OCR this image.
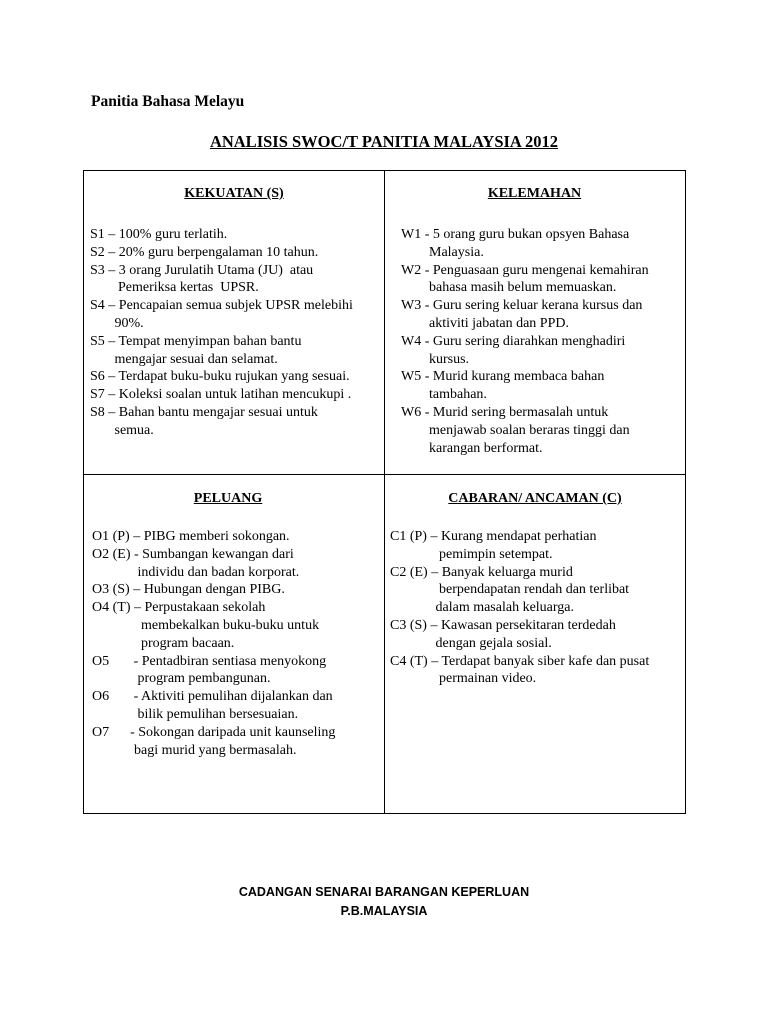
Panitia Bahasa Melayu
ANALISIS SWOC/T PANITIA MALAYSIA 2012
KEKUATAN (S)
S1 – 100% guru terlatih.
S2 – 20% guru berpengalaman 10 tahun.
S3 – 3 orang Jurulatih Utama (JU)  atau
Pemeriksa kertas  UPSR.
S4 – Pencapaian semua subjek UPSR melebihi
90%.
S5 – Tempat menyimpan bahan bantu
mengajar sesuai dan selamat.
S6 – Terdapat buku-buku rujukan yang sesuai.
S7 – Koleksi soalan untuk latihan mencukupi .
S8 – Bahan bantu mengajar sesuai untuk
semua.
KELEMAHAN
W1 - 5 orang guru bukan opsyen Bahasa
Malaysia.
W2 - Penguasaan guru mengenai kemahiran
bahasa masih belum memuaskan.
W3 - Guru sering keluar kerana kursus dan
aktiviti jabatan dan PPD.
W4 - Guru sering diarahkan menghadiri
kursus.
W5 - Murid kurang membaca bahan
tambahan.
W6 - Murid sering bermasalah untuk
menjawab soalan beraras tinggi dan
karangan berformat.
PELUANG
O1 (P) – PIBG memberi sokongan.
O2 (E) - Sumbangan kewangan dari
individu dan badan korporat.
O3 (S) – Hubungan dengan PIBG.
O4 (T) – Perpustakaan sekolah
membekalkan buku-buku untuk
program bacaan.
O5       - Pentadbiran sentiasa menyokong
program pembangunan.
O6       - Aktiviti pemulihan dijalankan dan
bilik pemulihan bersesuaian.
O7      - Sokongan daripada unit kaunseling
bagi murid yang bermasalah.
CABARAN/ ANCAMAN (C)
C1 (P) – Kurang mendapat perhatian
pemimpin setempat.
C2 (E) – Banyak keluarga murid
berpendapatan rendah dan terlibat
dalam masalah keluarga.
C3 (S) – Kawasan persekitaran terdedah
dengan gejala sosial.
C4 (T) – Terdapat banyak siber kafe dan pusat
permainan video.
CADANGAN SENARAI BARANGAN KEPERLUAN
P.B.MALAYSIA
